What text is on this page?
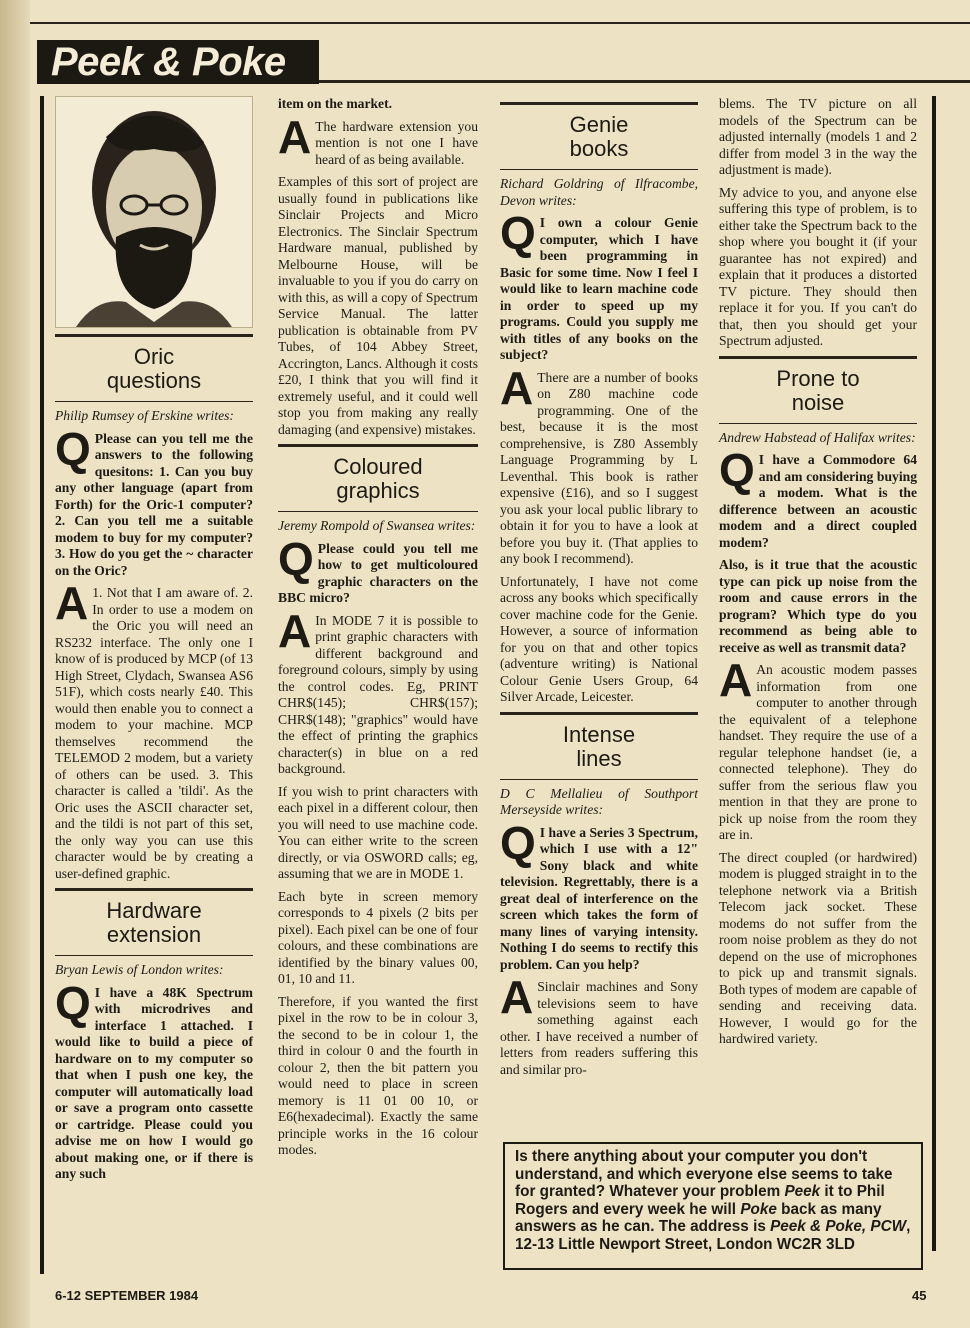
Peek & Poke
Oric
questions

Philip Rumsey of Erskine writes:

Q Please can you tell me the answers to the following quesitons: 1. Can you buy any other language (apart from Forth) for the Oric-1 computer? 2. Can you tell me a suitable modem to buy for my computer? 3. How do you get the ~ character on the Oric?

A 1. Not that I am aware of. 2. In order to use a modem on the Oric you will need an RS232 interface. The only one I know of is produced by MCP (of 13 High Street, Clydach, Swansea AS6 51F), which costs nearly £40. This would then enable you to connect a modem to your machine. MCP themselves recommend the TELEMOD 2 modem, but a variety of others can be used. 3. This character is called a 'tildi'. As the Oric uses the ASCII character set, and the tildi is not part of this set, the only way you can use this character would be by creating a user-defined graphic.

Hardware
extension

Bryan Lewis of London writes:

Q I have a 48K Spectrum with microdrives and interface 1 attached. I would like to build a piece of hardware on to my computer so that when I push one key, the computer will automatically load or save a program onto cassette or cartridge. Please could you advise me on how I would go about making one, or if there is any such

item on the market.

A The hardware extension you mention is not one I have heard of as being available.

Examples of this sort of project are usually found in publications like Sinclair Projects and Micro Electronics. The Sinclair Spectrum Hardware manual, published by Melbourne House, will be invaluable to you if you do carry on with this, as will a copy of Spectrum Service Manual. The latter publication is obtainable from PV Tubes, of 104 Abbey Street, Accrington, Lancs. Although it costs £20, I think that you will find it extremely useful, and it could well stop you from making any really damaging (and expensive) mistakes.

Coloured
graphics

Jeremy Rompold of Swansea writes:

Q Please could you tell me how to get multicoloured graphic characters on the BBC micro?

A In MODE 7 it is possible to print graphic characters with different background and foreground colours, simply by using the control codes. Eg, PRINT CHR$(145); CHR$(157); CHR$(148); "graphics" would have the effect of printing the graphics character(s) in blue on a red background.

If you wish to print characters with each pixel in a different colour, then you will need to use machine code. You can either write to the screen directly, or via OSWORD calls; eg, assuming that we are in MODE 1.

Each byte in screen memory corresponds to 4 pixels (2 bits per pixel). Each pixel can be one of four colours, and these combinations are identified by the binary values 00, 01, 10 and 11.

Therefore, if you wanted the first pixel in the row to be in colour 3, the second to be in colour 1, the third in colour 0 and the fourth in colour 2, then the bit pattern you would need to place in screen memory is 11 01 00 10, or E6(hexadecimal). Exactly the same principle works in the 16 colour modes.

Genie
books

Richard Goldring of Ilfracombe, Devon writes:

Q I own a colour Genie computer, which I have been programming in Basic for some time. Now I feel I would like to learn machine code in order to speed up my programs. Could you supply me with titles of any books on the subject?

A There are a number of books on Z80 machine code programming. One of the best, because it is the most comprehensive, is Z80 Assembly Language Programming by L Leventhal. This book is rather expensive (£16), and so I suggest you ask your local public library to obtain it for you to have a look at before you buy it. (That applies to any book I recommend).

Unfortunately, I have not come across any books which specifically cover machine code for the Genie. However, a source of information for you on that and other topics (adventure writing) is National Colour Genie Users Group, 64 Silver Arcade, Leicester.

Intense
lines

D C Mellalieu of Southport Merseyside writes:

Q I have a Series 3 Spectrum, which I use with a 12" Sony black and white television. Regrettably, there is a great deal of interference on the screen which takes the form of many lines of varying intensity. Nothing I do seems to rectify this problem. Can you help?

A Sinclair machines and Sony televisions seem to have something against each other. I have received a number of letters from readers suffering this and similar pro-

blems. The TV picture on all models of the Spectrum can be adjusted internally (models 1 and 2 differ from model 3 in the way the adjustment is made).

My advice to you, and anyone else suffering this type of problem, is to either take the Spectrum back to the shop where you bought it (if your guarantee has not expired) and explain that it produces a distorted TV picture. They should then replace it for you. If you can't do that, then you should get your Spectrum adjusted.

Prone to
noise

Andrew Habstead of Halifax writes:

Q I have a Commodore 64 and am considering buying a modem. What is the difference between an acoustic modem and a direct coupled modem?

Also, is it true that the acoustic type can pick up noise from the room and cause errors in the program? Which type do you recommend as being able to receive as well as transmit data?

A An acoustic modem passes information from one computer to another through the equivalent of a telephone handset. They require the use of a regular telephone handset (ie, a connected telephone). They do suffer from the serious flaw you mention in that they are prone to pick up noise from the room they are in.

The direct coupled (or hardwired) modem is plugged straight in to the telephone network via a British Telecom jack socket. These modems do not suffer from the room noise problem as they do not depend on the use of microphones to pick up and transmit signals. Both types of modem are capable of sending and receiving data. However, I would go for the hardwired variety.

Is there anything about your computer you don't understand, and which everyone else seems to take for granted? Whatever your problem Peek it to Phil Rogers and every week he will Poke back as many answers as he can. The address is Peek & Poke, PCW, 12-13 Little Newport Street, London WC2R 3LD
6-12 SEPTEMBER 1984	45
